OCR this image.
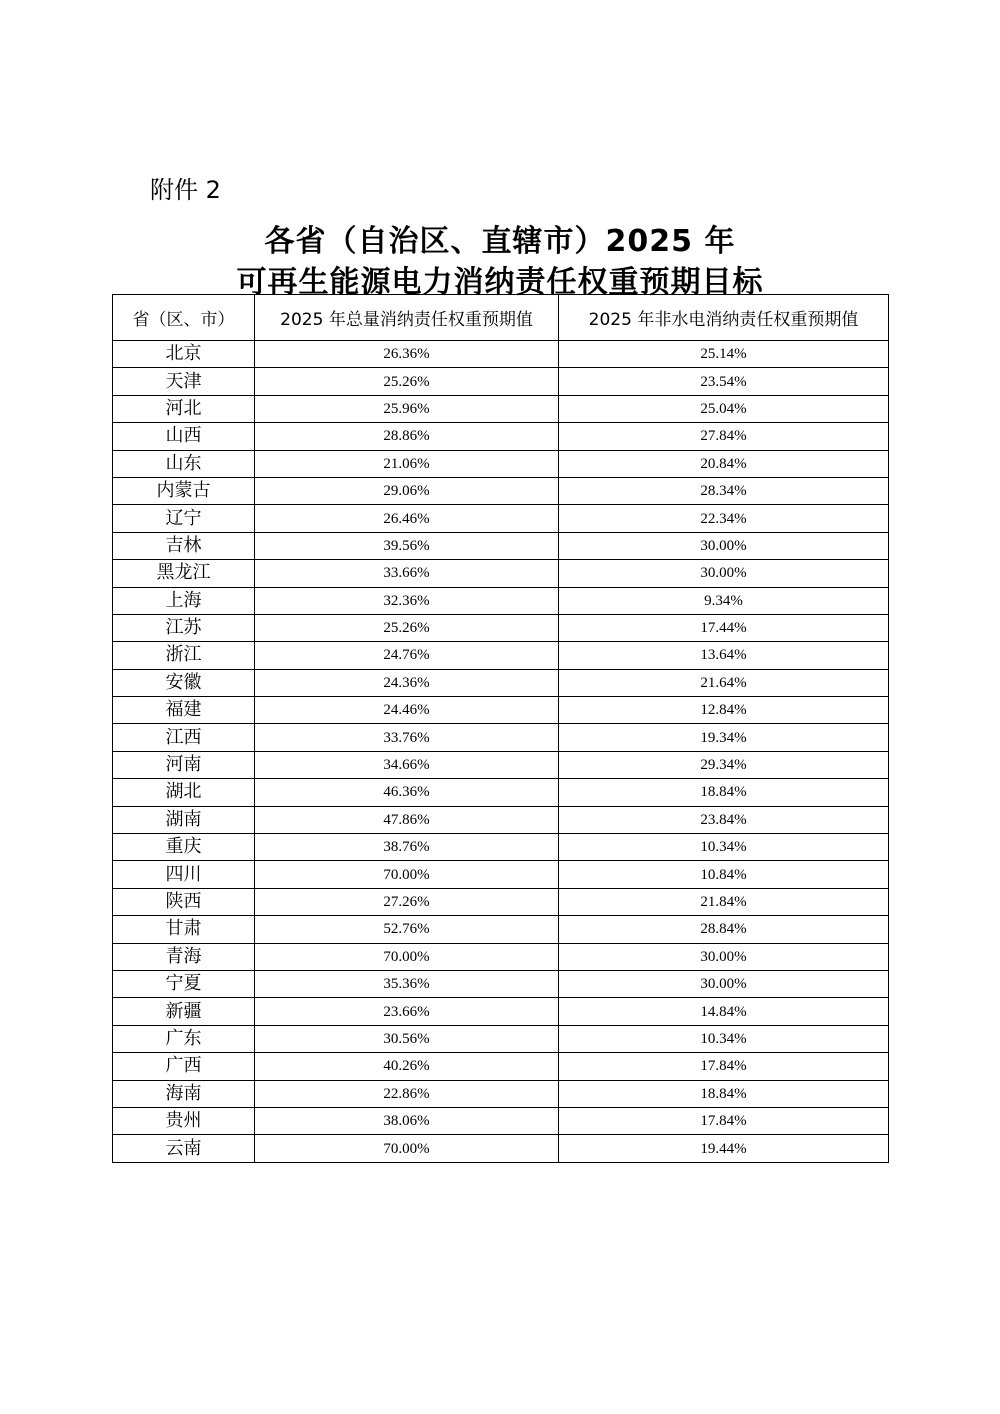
附件 2
各省（自治区、直辖市）2025 年
可再生能源电力消纳责任权重预期目标
省（区、市）	2025 年总量消纳责任权重预期值	2025 年非水电消纳责任权重预期值
北京	26.36%	25.14%
天津	25.26%	23.54%
河北	25.96%	25.04%
山西	28.86%	27.84%
山东	21.06%	20.84%
内蒙古	29.06%	28.34%
辽宁	26.46%	22.34%
吉林	39.56%	30.00%
黑龙江	33.66%	30.00%
上海	32.36%	9.34%
江苏	25.26%	17.44%
浙江	24.76%	13.64%
安徽	24.36%	21.64%
福建	24.46%	12.84%
江西	33.76%	19.34%
河南	34.66%	29.34%
湖北	46.36%	18.84%
湖南	47.86%	23.84%
重庆	38.76%	10.34%
四川	70.00%	10.84%
陕西	27.26%	21.84%
甘肃	52.76%	28.84%
青海	70.00%	30.00%
宁夏	35.36%	30.00%
新疆	23.66%	14.84%
广东	30.56%	10.34%
广西	40.26%	17.84%
海南	22.86%	18.84%
贵州	38.06%	17.84%
云南	70.00%	19.44%
